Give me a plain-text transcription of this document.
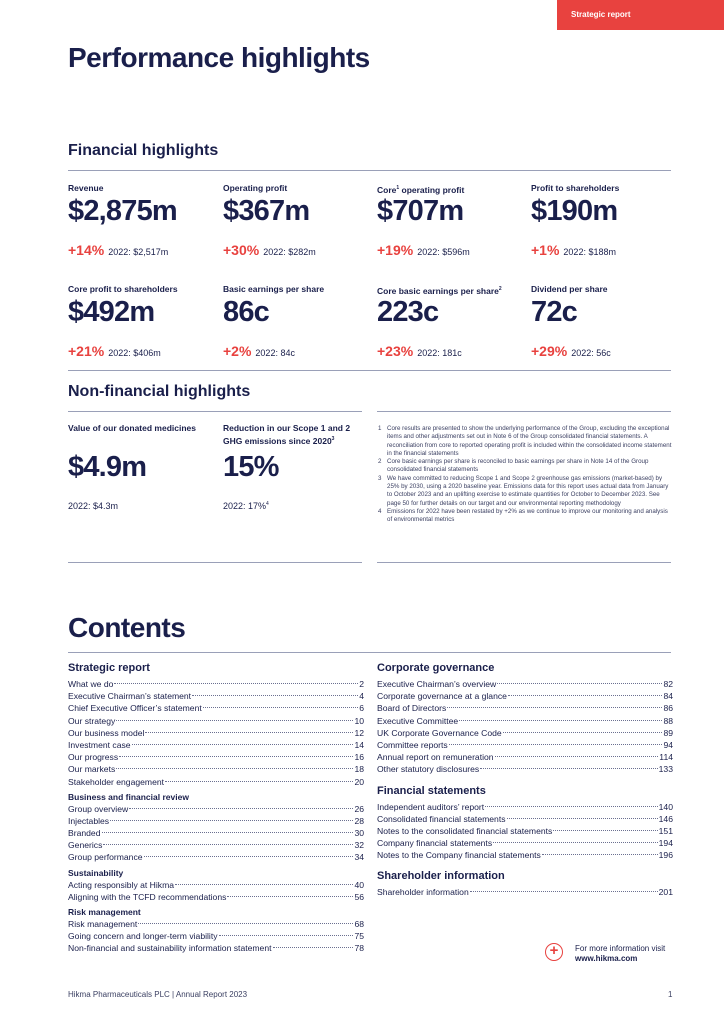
Strategic report
Performance highlights
Financial highlights
Revenue
$2,875m
+14% 2022: $2,517m
Operating profit
$367m
+30% 2022: $282m
Core$^1$ operating profit
$707m
+19% 2022: $596m
Profit to shareholders
$190m
+1% 2022: $188m
Core profit to shareholders
$492m
+21% 2022: $406m
Basic earnings per share
86c
+2% 2022: 84c
Core basic earnings per share$^2$
223c
+23% 2022: 181c
Dividend per share
72c
+29% 2022: 56c
Non-financial highlights
Value of our donated medicines
$4.9m
2022: $4.3m
Reduction in our Scope 1 and 2 GHG emissions since 2020$^3$
15%
2022: 17%$^4$
1 Core results are presented to show the underlying performance of the Group, excluding the exceptional items and other adjustments set out in Note 6 of the Group consolidated financial statements. A reconciliation from core to reported operating profit is included within the consolidated income statement in the financial statements
2 Core basic earnings per share is reconciled to basic earnings per share in Note 14 of the Group consolidated financial statements
3 We have committed to reducing Scope 1 and Scope 2 greenhouse gas emissions (market-based) by 25% by 2030, using a 2020 baseline year. Emissions data for this report uses actual data from January to October 2023 and an uplifting exercise to estimate quantities for October to December 2023. See page 50 for further details on our target and our environmental reporting methodology
4 Emissions for 2022 have been restated by +2% as we continue to improve our monitoring and analysis of environmental metrics
Contents
Strategic report
What we do	2
Executive Chairman’s statement	4
Chief Executive Officer’s statement	6
Our strategy	10
Our business model	12
Investment case	14
Our progress	16
Our markets	18
Stakeholder engagement	20
Business and financial review
Group overview	26
Injectables	28
Branded	30
Generics	32
Group performance	34
Sustainability
Acting responsibly at Hikma	40
Aligning with the TCFD recommendations	56
Risk management
Risk management	68
Going concern and longer-term viability	75
Non-financial and sustainability information statement	78
Corporate governance
Executive Chairman’s overview	82
Corporate governance at a glance	84
Board of Directors	86
Executive Committee	88
UK Corporate Governance Code	89
Committee reports	94
Annual report on remuneration	114
Other statutory disclosures	133
Financial statements
Independent auditors’ report	140
Consolidated financial statements	146
Notes to the consolidated financial statements	151
Company financial statements	194
Notes to the Company financial statements	196
Shareholder information
Shareholder information	201
+	For more information visit
www.hikma.com
Hikma Pharmaceuticals PLC | Annual Report 2023	1
